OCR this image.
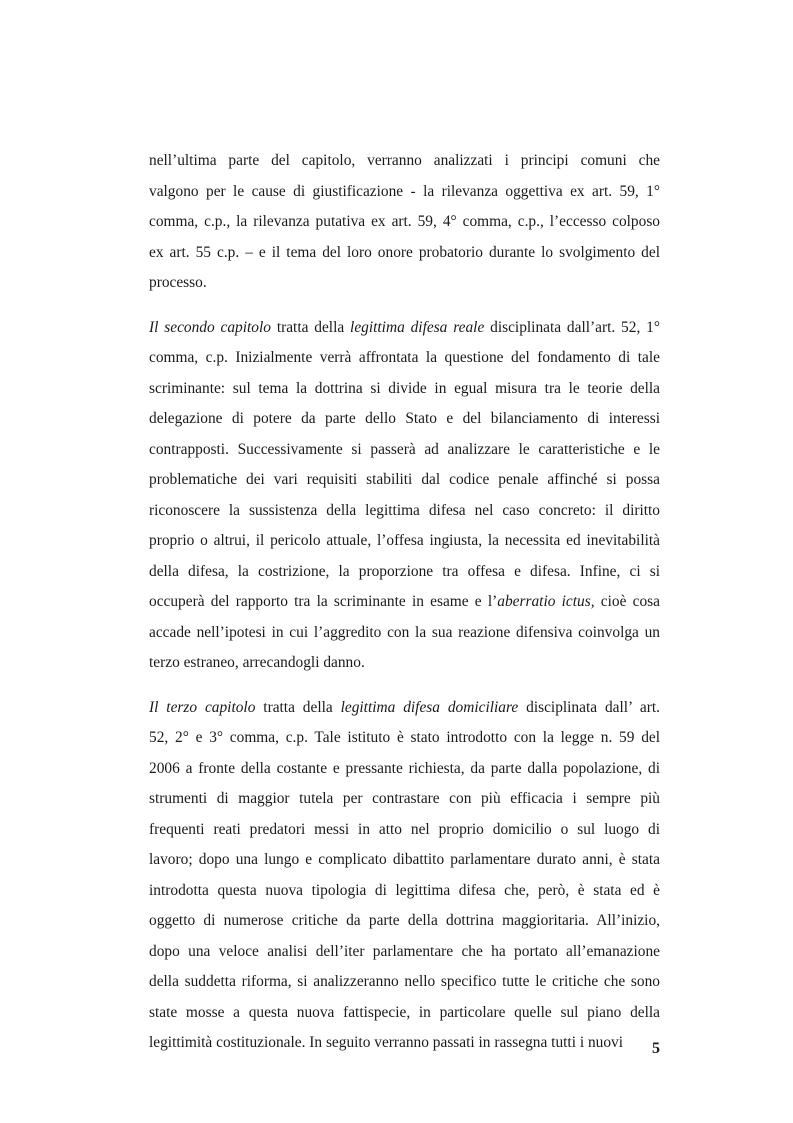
nell’ultima parte del capitolo, verranno analizzati i principi comuni che
valgono per le cause di giustificazione - la rilevanza oggettiva ex art. 59, 1°
comma, c.p., la rilevanza putativa ex art. 59, 4° comma, c.p., l’eccesso colposo
ex art. 55 c.p. – e il tema del loro onore probatorio durante lo svolgimento del
processo.

Il secondo capitolo tratta della legittima difesa reale disciplinata dall’art. 52, 1°
comma, c.p. Inizialmente verrà affrontata la questione del fondamento di tale
scriminante: sul tema la dottrina si divide in egual misura tra le teorie della
delegazione di potere da parte dello Stato e del bilanciamento di interessi
contrapposti. Successivamente si passerà ad analizzare le caratteristiche e le
problematiche dei vari requisiti stabiliti dal codice penale affinché si possa
riconoscere la sussistenza della legittima difesa nel caso concreto: il diritto
proprio o altrui, il pericolo attuale, l’offesa ingiusta, la necessita ed inevitabilità
della difesa, la costrizione, la proporzione tra offesa e difesa. Infine, ci si
occuperà del rapporto tra la scriminante in esame e l’aberratio ictus, cioè cosa
accade nell’ipotesi in cui l’aggredito con la sua reazione difensiva coinvolga un
terzo estraneo, arrecandogli danno.

Il terzo capitolo tratta della legittima difesa domiciliare disciplinata dall’ art.
52, 2° e 3° comma, c.p. Tale istituto è stato introdotto con la legge n. 59 del
2006 a fronte della costante e pressante richiesta, da parte dalla popolazione, di
strumenti di maggior tutela per contrastare con più efficacia i sempre più
frequenti reati predatori messi in atto nel proprio domicilio o sul luogo di
lavoro; dopo una lungo e complicato dibattito parlamentare durato anni, è stata
introdotta questa nuova tipologia di legittima difesa che, però, è stata ed è
oggetto di numerose critiche da parte della dottrina maggioritaria. All’inizio,
dopo una veloce analisi dell’iter parlamentare che ha portato all’emanazione
della suddetta riforma, si analizzeranno nello specifico tutte le critiche che sono
state mosse a questa nuova fattispecie, in particolare quelle sul piano della
legittimità costituzionale. In seguito verranno passati in rassegna tutti i nuovi	5
